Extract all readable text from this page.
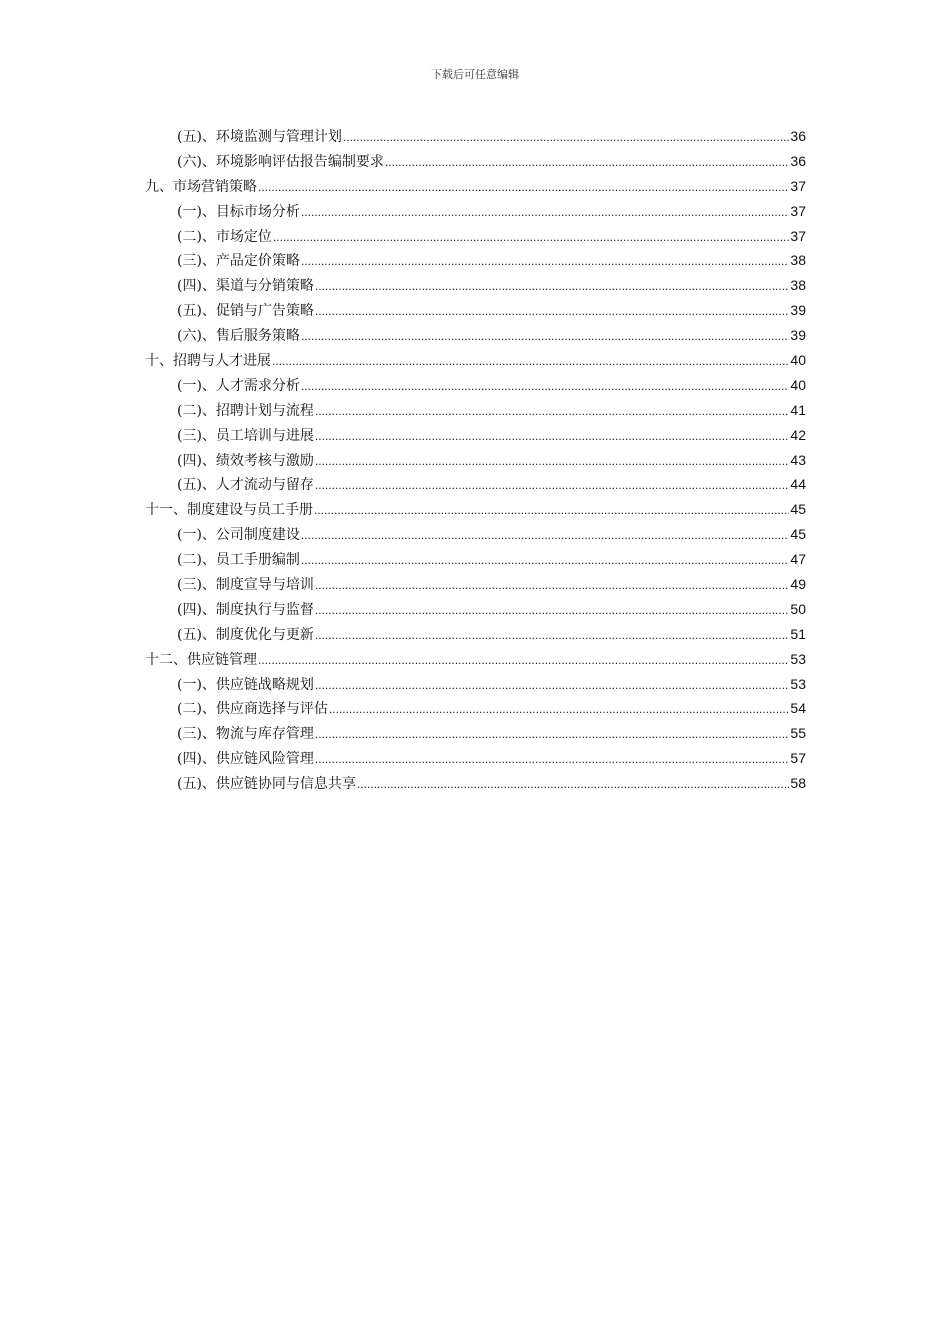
下载后可任意编辑
(五)、环境监测与管理计划 .....	36
(六)、环境影响评估报告编制要求 .....	36
九、市场营销策略 .....	37
(一)、目标市场分析 .....	37
(二)、市场定位 .....	37
(三)、产品定价策略 .....	38
(四)、渠道与分销策略 .....	38
(五)、促销与广告策略 .....	39
(六)、售后服务策略 .....	39
十、招聘与人才进展 .....	40
(一)、人才需求分析 .....	40
(二)、招聘计划与流程 .....	41
(三)、员工培训与进展 .....	42
(四)、绩效考核与激励 .....	43
(五)、人才流动与留存 .....	44
十一、制度建设与员工手册 .....	45
(一)、公司制度建设 .....	45
(二)、员工手册编制 .....	47
(三)、制度宣导与培训 .....	49
(四)、制度执行与监督 .....	50
(五)、制度优化与更新 .....	51
十二、供应链管理 .....	53
(一)、供应链战略规划 .....	53
(二)、供应商选择与评估 .....	54
(三)、物流与库存管理 .....	55
(四)、供应链风险管理 .....	57
(五)、供应链协同与信息共享 .....	58
